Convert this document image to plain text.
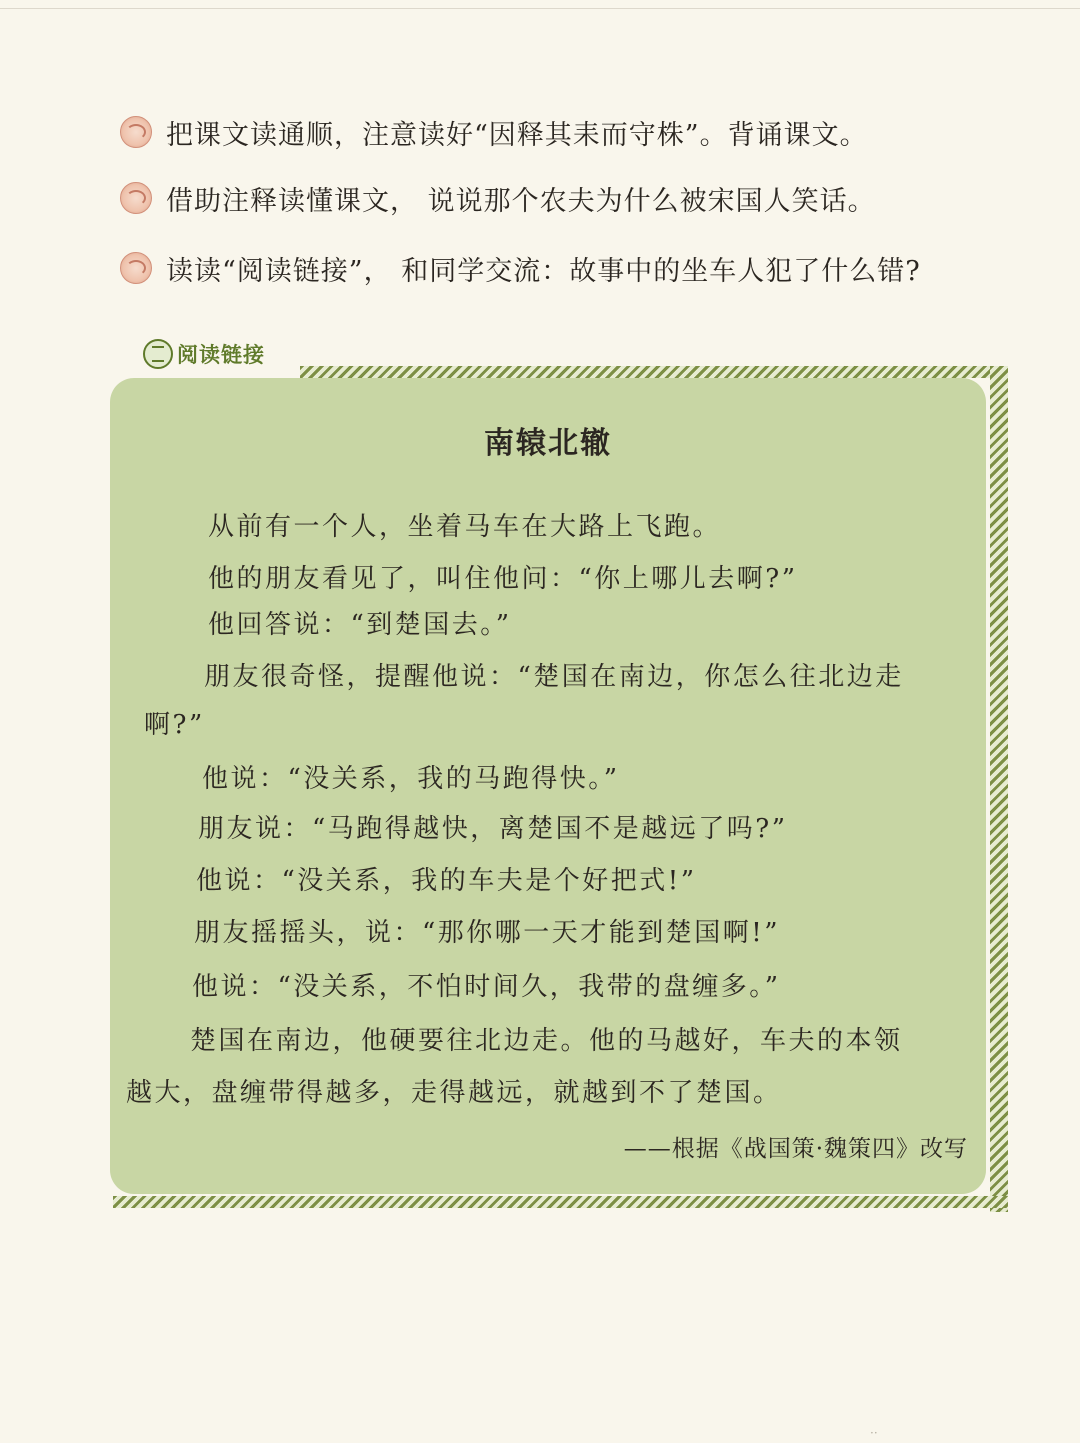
把课文读通顺，注意读好“因释其耒而守株”。背诵课文。
借助注释读懂课文， 说说那个农夫为什么被宋国人笑话。
读读“阅读链接”， 和同学交流：故事中的坐车人犯了什么错?
阅读链接
南辕北辙
从前有一个人，坐着马车在大路上飞跑。
他的朋友看见了，叫住他问：“你上哪儿去啊?”
他回答说：“到楚国去。”
朋友很奇怪，提醒他说：“楚国在南边，你怎么往北边走
啊?”
他说：“没关系，我的马跑得快。”
朋友说：“马跑得越快，离楚国不是越远了吗?”
他说：“没关系，我的车夫是个好把式!”
朋友摇摇头，说：“那你哪一天才能到楚国啊!”
他说：“没关系，不怕时间久，我带的盘缠多。”
楚国在南边，他硬要往北边走。他的马越好，车夫的本领
越大，盘缠带得越多，走得越远，就越到不了楚国。
——根据《战国策·魏策四》改写
··
